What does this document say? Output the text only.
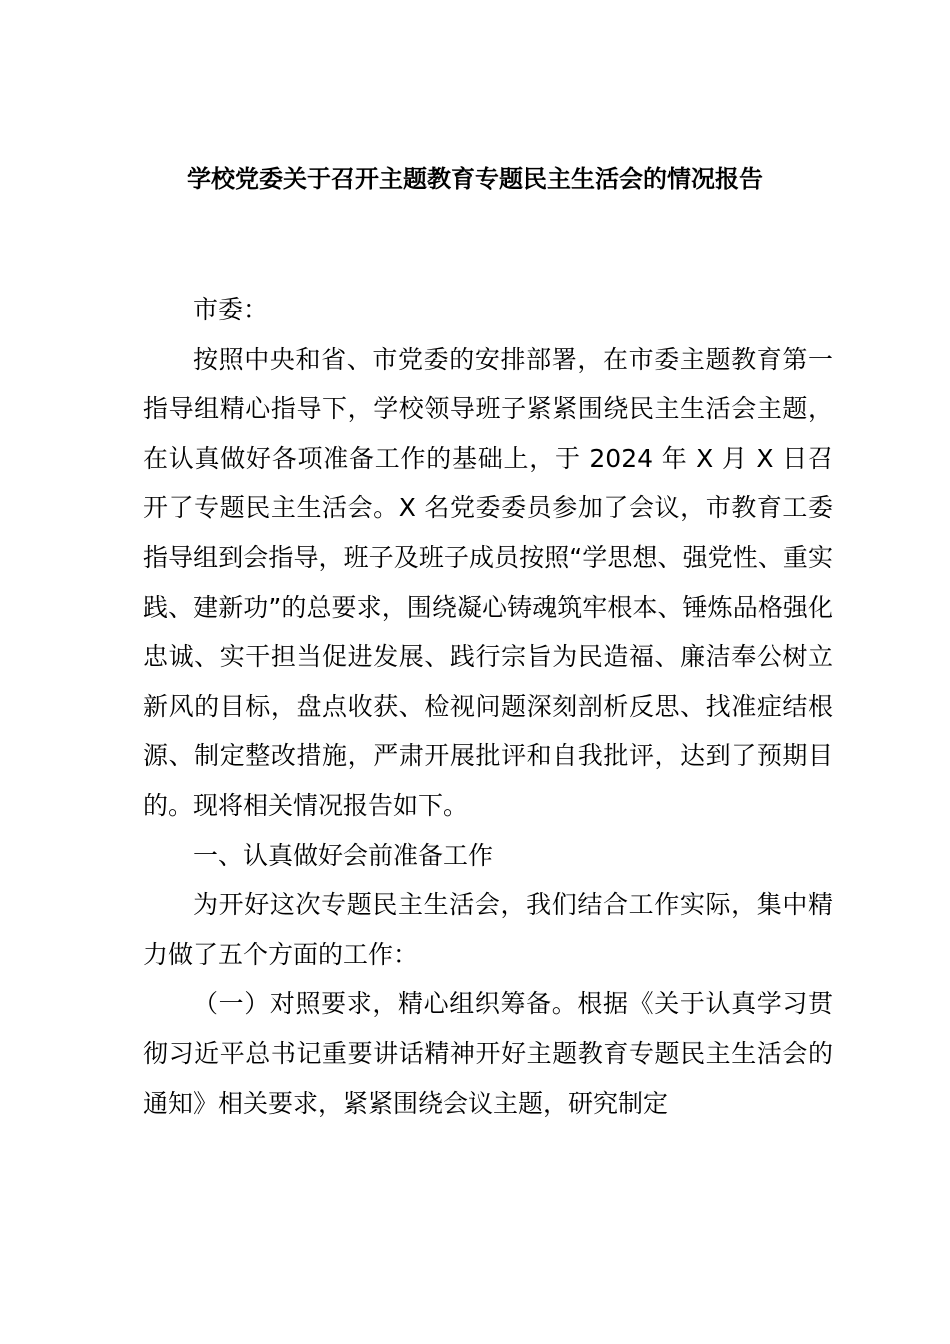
学校党委关于召开主题教育专题民主生活会的情况报告

市委：

按照中央和省、市党委的安排部署，在市委主题教育第一指导组精心指导下，学校领导班子紧紧围绕民主生活会主题，在认真做好各项准备工作的基础上，于 2024 年 X 月 X 日召开了专题民主生活会。X 名党委委员参加了会议，市教育工委指导组到会指导，班子及班子成员按照“学思想、强党性、重实践、建新功”的总要求，围绕凝心铸魂筑牢根本、锤炼品格强化忠诚、实干担当促进发展、践行宗旨为民造福、廉洁奉公树立新风的目标，盘点收获、检视问题深刻剖析反思、找准症结根源、制定整改措施，严肃开展批评和自我批评，达到了预期目的。现将相关情况报告如下。

一、认真做好会前准备工作

为开好这次专题民主生活会，我们结合工作实际，集中精力做了五个方面的工作：

（一）对照要求，精心组织筹备。根据《关于认真学习贯彻习近平总书记重要讲话精神开好主题教育专题民主生活会的通知》相关要求，紧紧围绕会议主题，研究制定
